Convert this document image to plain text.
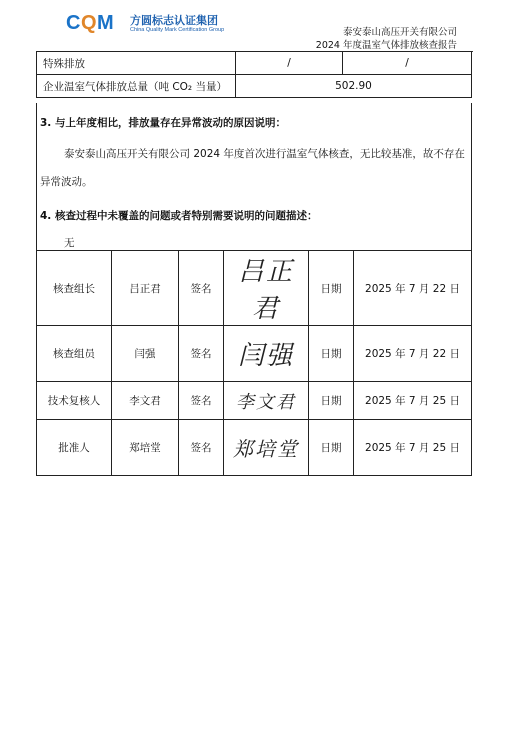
CQM 方圆标志认证集团
China Quality Mark Certification Group	泰安泰山高压开关有限公司
2024 年度温室气体排放核查报告
特殊排放	/	/
企业温室气体排放总量（吨 CO₂ 当量）	502.90	
3. 与上年度相比，排放量存在异常波动的原因说明：
泰安泰山高压开关有限公司 2024 年度首次进行温室气体核查，无比较基准，故不存在异常波动。
4. 核查过程中未覆盖的问题或者特别需要说明的问题描述：
无
核查组长	吕正君	签名	吕正君	日期	2025 年 7 月 22 日
核查组员	闫强	签名	闫强	日期	2025 年 7 月 22 日
技术复核人	李文君	签名	李文君	日期	2025 年 7 月 25 日
批准人	郑培堂	签名	郑培堂	日期	2025 年 7 月 25 日
